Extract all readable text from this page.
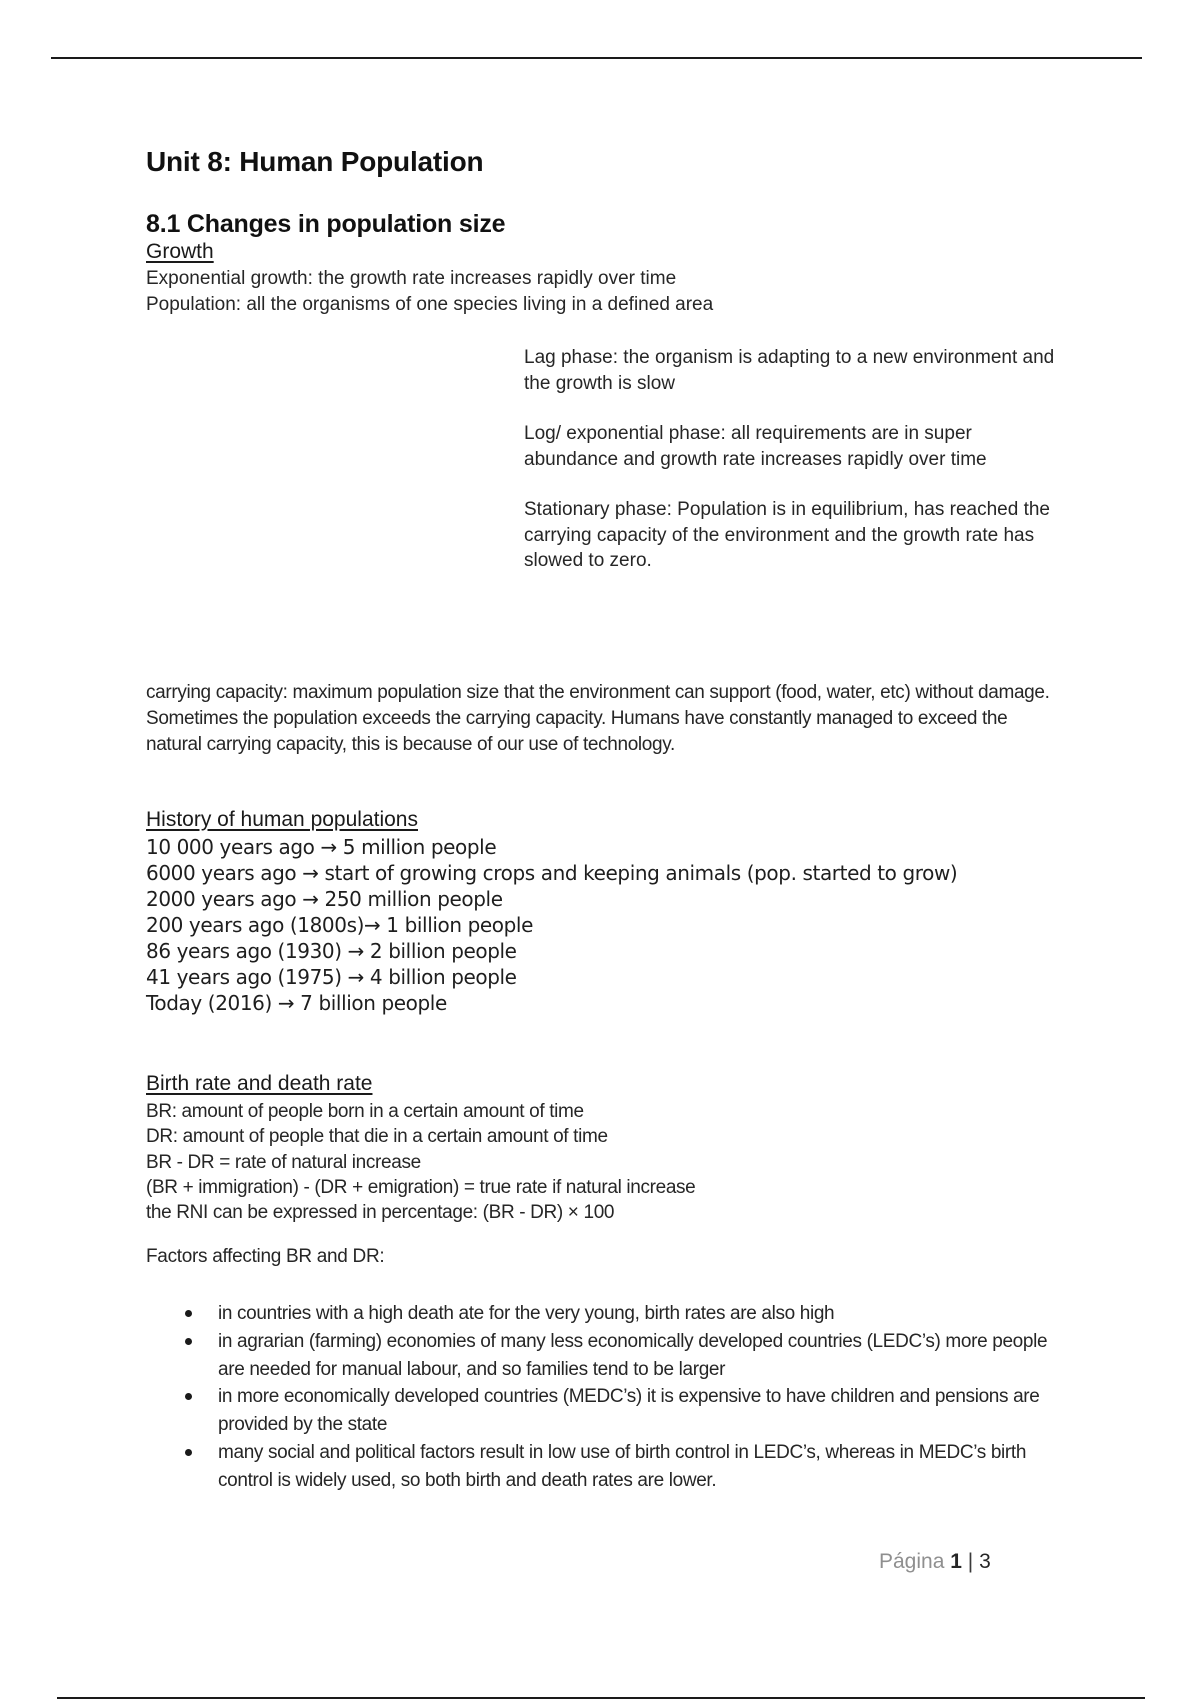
Unit 8: Human Population
8.1 Changes in population size
Growth
Exponential growth: the growth rate increases rapidly over time
Population: all the organisms of one species living in a defined area

Lag phase: the organism is adapting to a new environment and the growth is slow

Log/ exponential phase: all requirements are in super abundance and growth rate increases rapidly over time

Stationary phase: Population is in equilibrium, has reached the carrying capacity of the environment and the growth rate has slowed to zero.

carrying capacity: maximum population size that the environment can support (food, water, etc) without damage. Sometimes the population exceeds the carrying capacity. Humans have constantly managed to exceed the natural carrying capacity, this is because of our use of technology.
History of human populations
10 000 years ago → 5 million people
6000 years ago → start of growing crops and keeping animals (pop. started to grow)
2000 years ago → 250 million people
200 years ago (1800s)→ 1 billion people
86 years ago (1930) → 2 billion people
41 years ago (1975) → 4 billion people
Today (2016) → 7 billion people
Birth rate and death rate
BR: amount of people born in a certain amount of time
DR: amount of people that die in a certain amount of time
BR - DR = rate of natural increase
(BR + immigration) - (DR + emigration) = true rate if natural increase
the RNI can be expressed in percentage: (BR - DR) × 100
Factors affecting BR and DR:
in countries with a high death ate for the very young, birth rates are also high
in agrarian (farming) economies of many less economically developed countries (LEDC’s) more people are needed for manual labour, and so families tend to be larger
in more economically developed countries (MEDC’s) it is expensive to have children and pensions are provided by the state
many social and political factors result in low use of birth control in LEDC’s, whereas in MEDC’s birth control is widely used, so both birth and death rates are lower.
Página 1 | 3
